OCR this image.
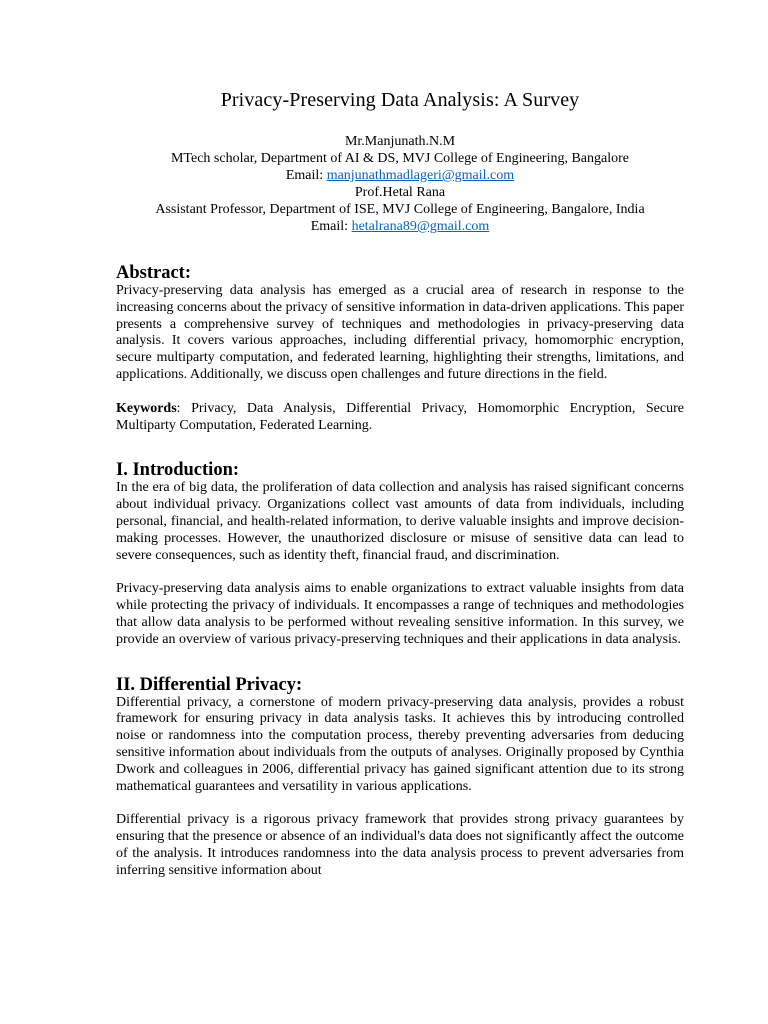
Privacy-Preserving Data Analysis: A Survey
Mr.Manjunath.N.M
MTech scholar, Department of AI & DS, MVJ College of Engineering, Bangalore
Email: manjunathmadlageri@gmail.com
Prof.Hetal Rana
Assistant Professor, Department of ISE, MVJ College of Engineering, Bangalore, India
Email: hetalrana89@gmail.com
Abstract:

Privacy-preserving data analysis has emerged as a crucial area of research in response to the increasing concerns about the privacy of sensitive information in data-driven applications. This paper presents a comprehensive survey of techniques and methodologies in privacy-preserving data analysis. It covers various approaches, including differential privacy, homomorphic encryption, secure multiparty computation, and federated learning, highlighting their strengths, limitations, and applications. Additionally, we discuss open challenges and future directions in the field.

Keywords: Privacy, Data Analysis, Differential Privacy, Homomorphic Encryption, Secure Multiparty Computation, Federated Learning.

I. Introduction:

In the era of big data, the proliferation of data collection and analysis has raised significant concerns about individual privacy. Organizations collect vast amounts of data from individuals, including personal, financial, and health-related information, to derive valuable insights and improve decision-making processes. However, the unauthorized disclosure or misuse of sensitive data can lead to severe consequences, such as identity theft, financial fraud, and discrimination.

Privacy-preserving data analysis aims to enable organizations to extract valuable insights from data while protecting the privacy of individuals. It encompasses a range of techniques and methodologies that allow data analysis to be performed without revealing sensitive information. In this survey, we provide an overview of various privacy-preserving techniques and their applications in data analysis.

II. Differential Privacy:

Differential privacy, a cornerstone of modern privacy-preserving data analysis, provides a robust framework for ensuring privacy in data analysis tasks. It achieves this by introducing controlled noise or randomness into the computation process, thereby preventing adversaries from deducing sensitive information about individuals from the outputs of analyses. Originally proposed by Cynthia Dwork and colleagues in 2006, differential privacy has gained significant attention due to its strong mathematical guarantees and versatility in various applications.

Differential privacy is a rigorous privacy framework that provides strong privacy guarantees by ensuring that the presence or absence of an individual's data does not significantly affect the outcome of the analysis. It introduces randomness into the data analysis process to prevent adversaries from inferring sensitive information about
